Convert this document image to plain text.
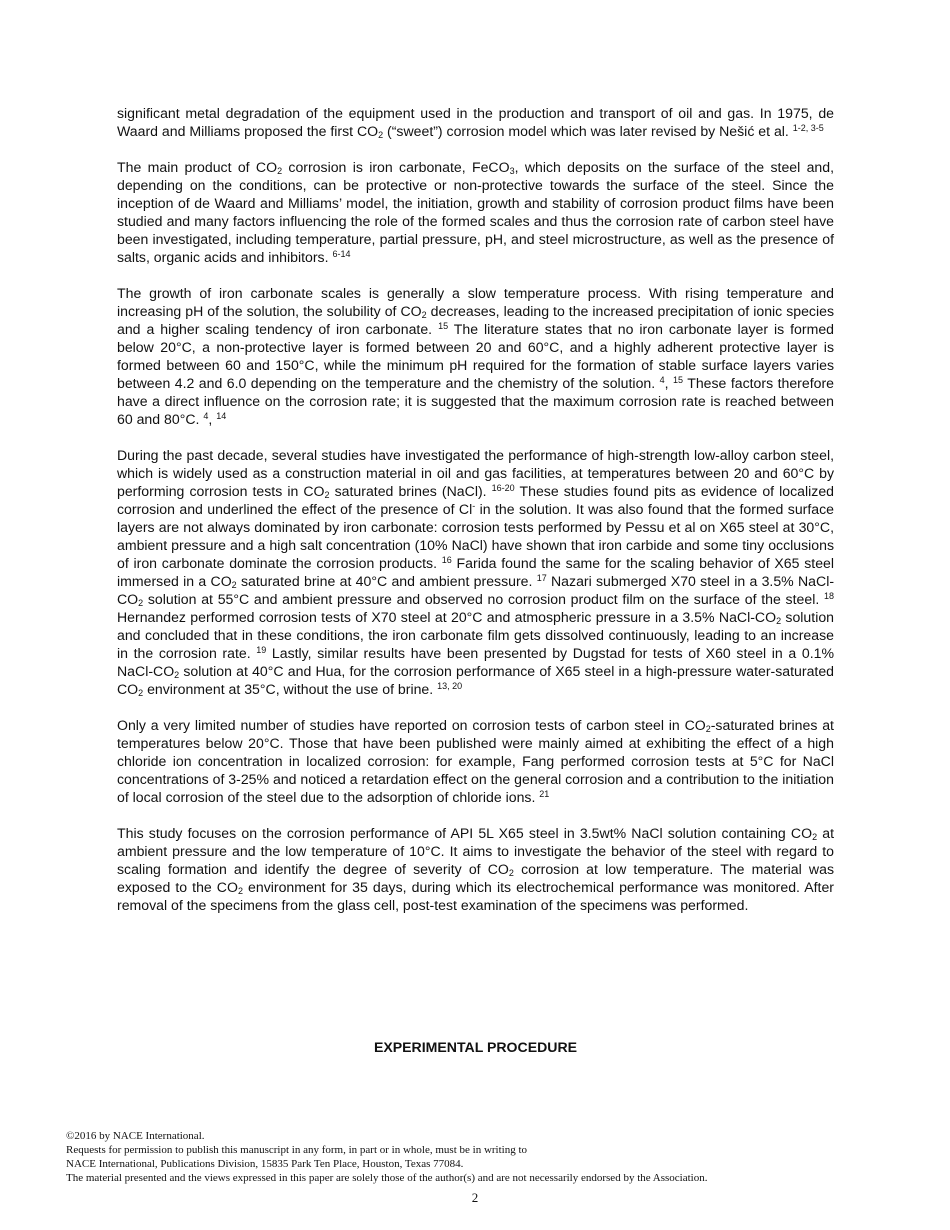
significant metal degradation of the equipment used in the production and transport of oil and gas. In 1975, de Waard and Milliams proposed the first $CO_2$ (“sweet”) corrosion model which was later revised by Nešić et al. $^{1-2, 3-5}$

The main product of $CO_2$ corrosion is iron carbonate, FeCO$_3$, which deposits on the surface of the steel and, depending on the conditions, can be protective or non-protective towards the surface of the steel. Since the inception of de Waard and Milliams’ model, the initiation, growth and stability of corrosion product films have been studied and many factors influencing the role of the formed scales and thus the corrosion rate of carbon steel have been investigated, including temperature, partial pressure, pH, and steel microstructure, as well as the presence of salts, organic acids and inhibitors. $^{6-14}$

The growth of iron carbonate scales is generally a slow temperature process. With rising temperature and increasing pH of the solution, the solubility of $CO_2$ decreases, leading to the increased precipitation of ionic species and a higher scaling tendency of iron carbonate. $^{15}$ The literature states that no iron carbonate layer is formed below 20°C, a non-protective layer is formed between 20 and 60°C, and a highly adherent protective layer is formed between 60 and 150°C, while the minimum pH required for the formation of stable surface layers varies between 4.2 and 6.0 depending on the temperature and the chemistry of the solution. $^4$, $^{15}$ These factors therefore have a direct influence on the corrosion rate; it is suggested that the maximum corrosion rate is reached between 60 and 80°C. $^4$, $^{14}$

During the past decade, several studies have investigated the performance of high-strength low-alloy carbon steel, which is widely used as a construction material in oil and gas facilities, at temperatures between 20 and 60°C by performing corrosion tests in $CO_2$ saturated brines (NaCl). $^{16-20}$ These studies found pits as evidence of localized corrosion and underlined the effect of the presence of Cl- in the solution. It was also found that the formed surface layers are not always dominated by iron carbonate: corrosion tests performed by Pessu et al on X65 steel at 30°C, ambient pressure and a high salt concentration (10% NaCl) have shown that iron carbide and some tiny occlusions of iron carbonate dominate the corrosion products. $^{16}$ Farida found the same for the scaling behavior of X65 steel immersed in a $CO_2$ saturated brine at 40°C and ambient pressure. $^{17}$ Nazari submerged X70 steel in a 3.5% NaCl-$CO_2$ solution at 55°C and ambient pressure and observed no corrosion product film on the surface of the steel. $^{18}$ Hernandez performed corrosion tests of X70 steel at 20°C and atmospheric pressure in a 3.5% NaCl-$CO_2$ solution and concluded that in these conditions, the iron carbonate film gets dissolved continuously, leading to an increase in the corrosion rate. $^{19}$ Lastly, similar results have been presented by Dugstad for tests of X60 steel in a 0.1% NaCl-$CO_2$ solution at 40°C and Hua, for the corrosion performance of X65 steel in a high-pressure water-saturated $CO_2$ environment at 35°C, without the use of brine. $^{13, 20}$

Only a very limited number of studies have reported on corrosion tests of carbon steel in $CO_2$-saturated brines at temperatures below 20°C. Those that have been published were mainly aimed at exhibiting the effect of a high chloride ion concentration in localized corrosion: for example, Fang performed corrosion tests at 5°C for NaCl concentrations of 3-25% and noticed a retardation effect on the general corrosion and a contribution to the initiation of local corrosion of the steel due to the adsorption of chloride ions. $^{21}$

This study focuses on the corrosion performance of API 5L X65 steel in 3.5wt% NaCl solution containing $CO_2$ at ambient pressure and the low temperature of 10°C. It aims to investigate the behavior of the steel with regard to scaling formation and identify the degree of severity of $CO_2$ corrosion at low temperature. The material was exposed to the $CO_2$ environment for 35 days, during which its electrochemical performance was monitored. After removal of the specimens from the glass cell, post-test examination of the specimens was performed.

EXPERIMENTAL PROCEDURE
©2016 by NACE International.
Requests for permission to publish this manuscript in any form, in part or in whole, must be in writing to
NACE International, Publications Division, 15835 Park Ten Place, Houston, Texas 77084.
The material presented and the views expressed in this paper are solely those of the author(s) and are not necessarily endorsed by the Association.
2
